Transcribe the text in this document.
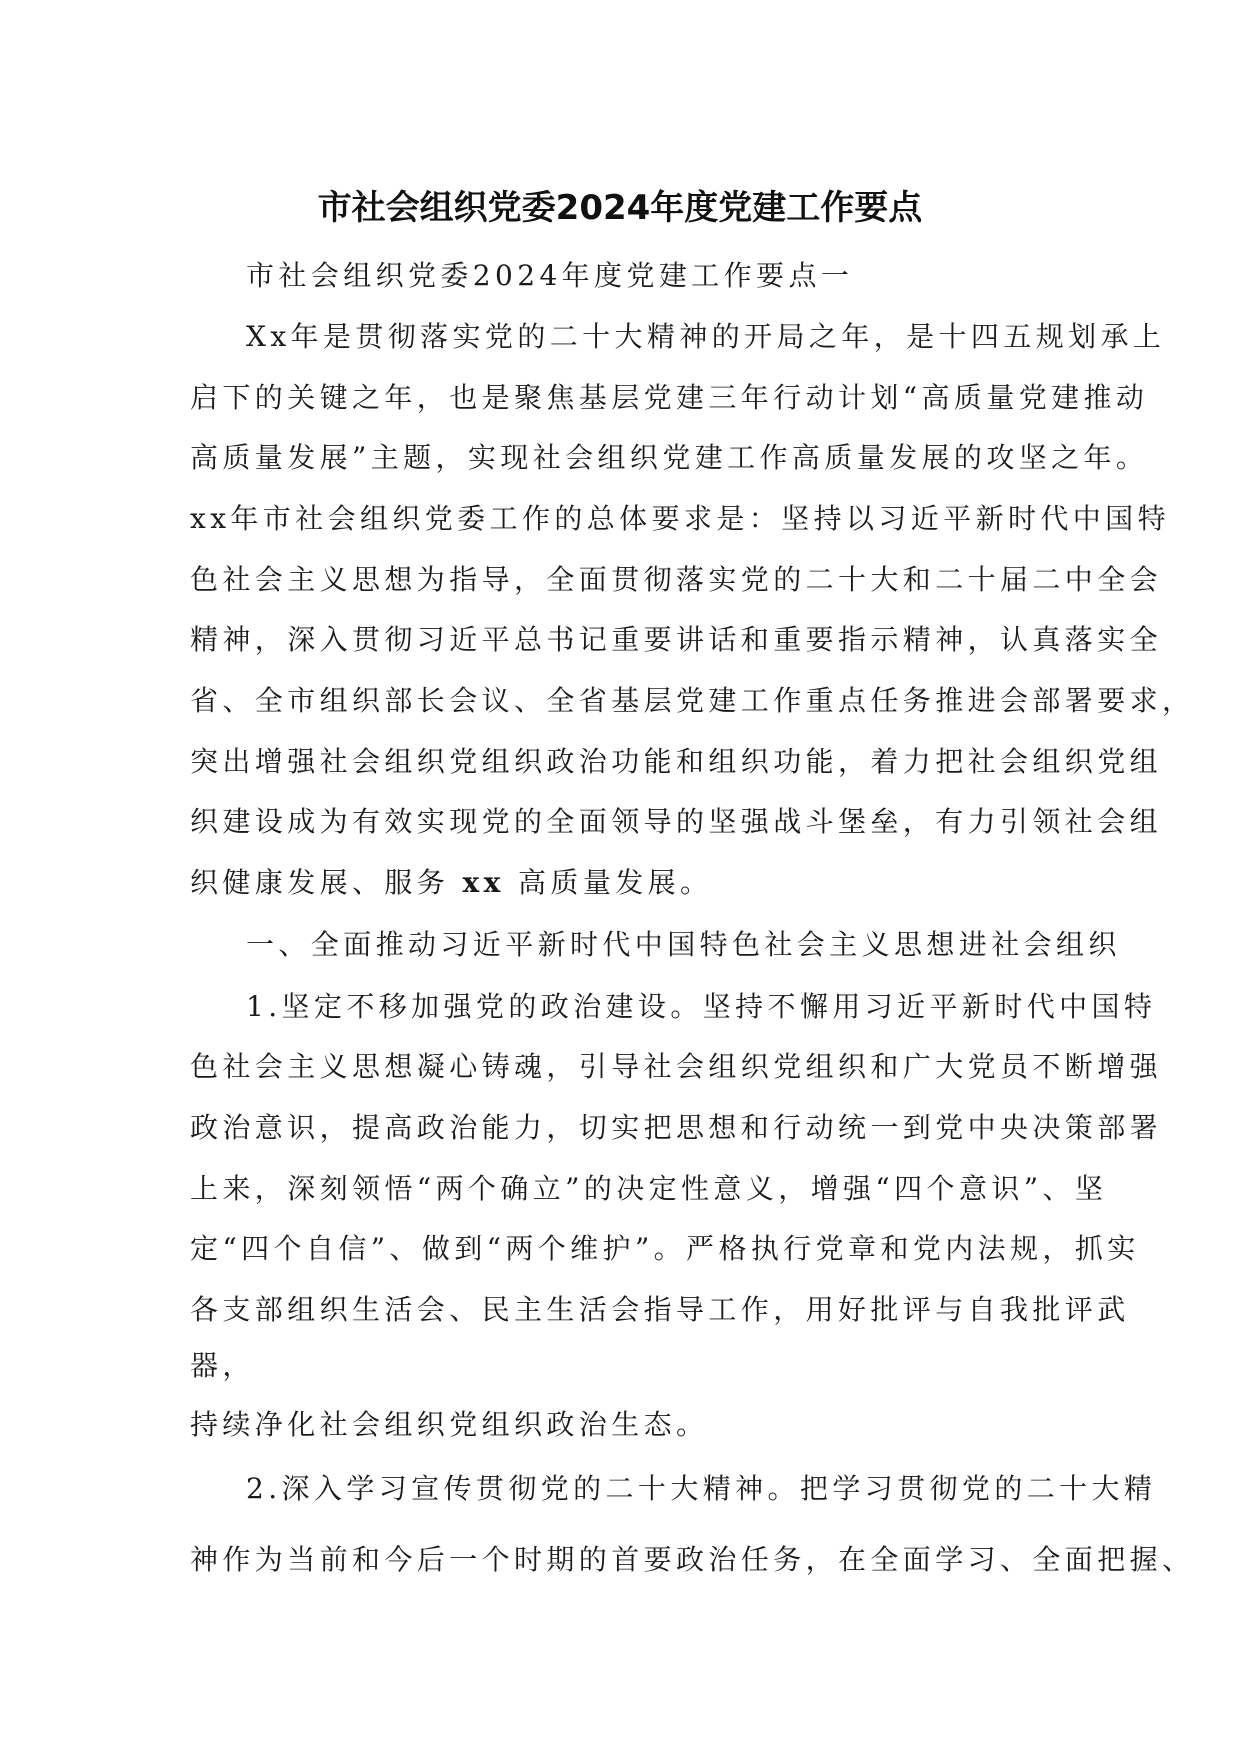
市社会组织党委2024年度党建工作要点
市社会组织党委2024年度党建工作要点一
Xx年是贯彻落实党的二十大精神的开局之年，是十四五规划承上
启下的关键之年，也是聚焦基层党建三年行动计划“高质量党建推动
高质量发展”主题，实现社会组织党建工作高质量发展的攻坚之年。
xx年市社会组织党委工作的总体要求是：坚持以习近平新时代中国特
色社会主义思想为指导，全面贯彻落实党的二十大和二十届二中全会
精神，深入贯彻习近平总书记重要讲话和重要指示精神，认真落实全
省、全市组织部长会议、全省基层党建工作重点任务推进会部署要求，
突出增强社会组织党组织政治功能和组织功能，着力把社会组织党组
织建设成为有效实现党的全面领导的坚强战斗堡垒，有力引领社会组
织健康发展、服务 xx 高质量发展。
一、全面推动习近平新时代中国特色社会主义思想进社会组织
1.坚定不移加强党的政治建设。坚持不懈用习近平新时代中国特
色社会主义思想凝心铸魂，引导社会组织党组织和广大党员不断增强
政治意识，提高政治能力，切实把思想和行动统一到党中央决策部署
上来，深刻领悟“两个确立”的决定性意义，增强“四个意识”、坚
定“四个自信”、做到“两个维护”。严格执行党章和党内法规，抓实
各支部组织生活会、民主生活会指导工作，用好批评与自我批评武
器，
持续净化社会组织党组织政治生态。
2.深入学习宣传贯彻党的二十大精神。把学习贯彻党的二十大精
神作为当前和今后一个时期的首要政治任务，在全面学习、全面把握、
